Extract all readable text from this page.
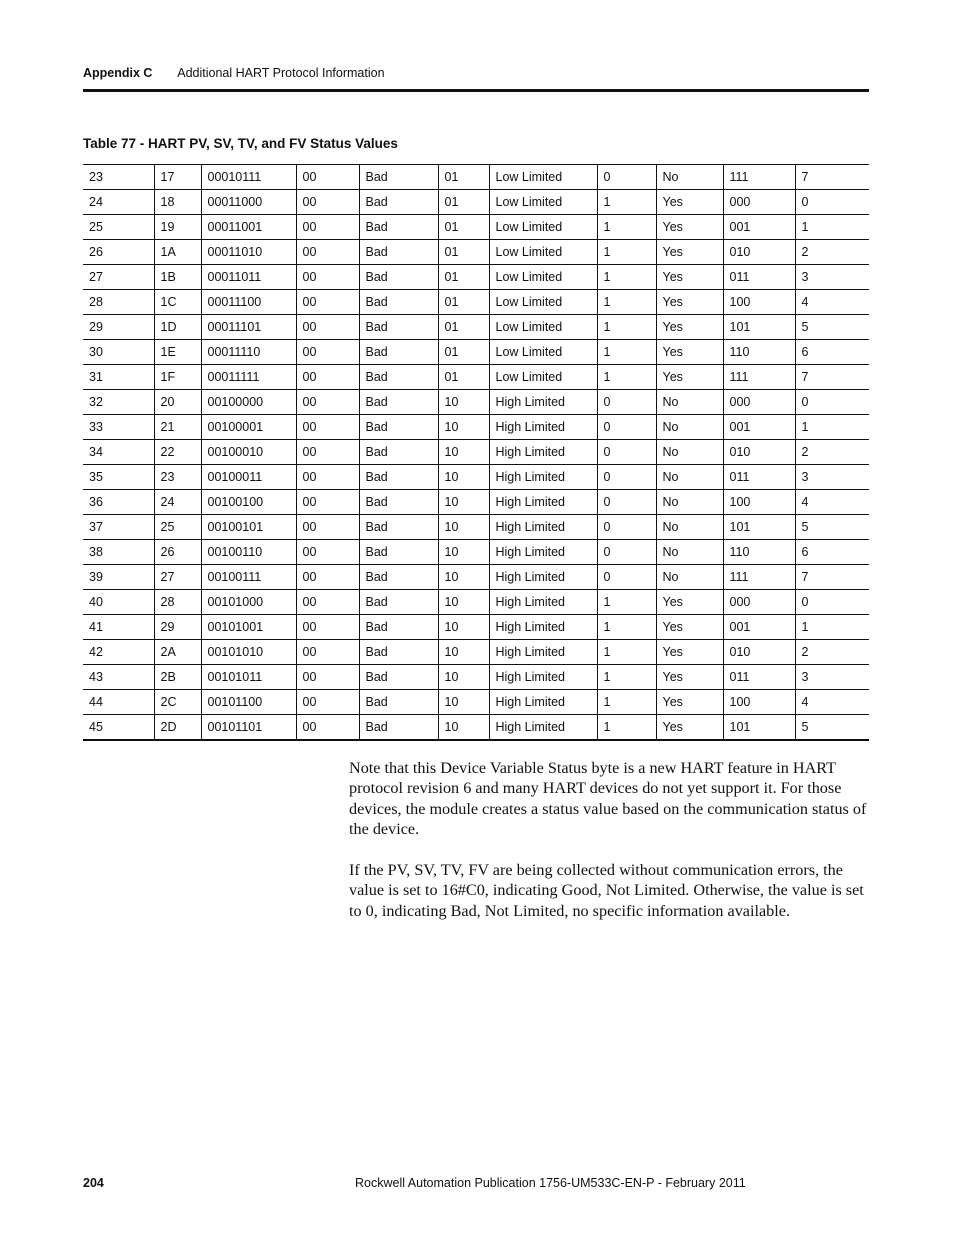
Appendix C Additional HART Protocol Information
Table 77 - HART PV, SV, TV, and FV Status Values
23	17	00010111	00	Bad	01	Low Limited	0	No	111	7
24	18	00011000	00	Bad	01	Low Limited	1	Yes	000	0
25	19	00011001	00	Bad	01	Low Limited	1	Yes	001	1
26	1A	00011010	00	Bad	01	Low Limited	1	Yes	010	2
27	1B	00011011	00	Bad	01	Low Limited	1	Yes	011	3
28	1C	00011100	00	Bad	01	Low Limited	1	Yes	100	4
29	1D	00011101	00	Bad	01	Low Limited	1	Yes	101	5
30	1E	00011110	00	Bad	01	Low Limited	1	Yes	110	6
31	1F	00011111	00	Bad	01	Low Limited	1	Yes	111	7
32	20	00100000	00	Bad	10	High Limited	0	No	000	0
33	21	00100001	00	Bad	10	High Limited	0	No	001	1
34	22	00100010	00	Bad	10	High Limited	0	No	010	2
35	23	00100011	00	Bad	10	High Limited	0	No	011	3
36	24	00100100	00	Bad	10	High Limited	0	No	100	4
37	25	00100101	00	Bad	10	High Limited	0	No	101	5
38	26	00100110	00	Bad	10	High Limited	0	No	110	6
39	27	00100111	00	Bad	10	High Limited	0	No	111	7
40	28	00101000	00	Bad	10	High Limited	1	Yes	000	0
41	29	00101001	00	Bad	10	High Limited	1	Yes	001	1
42	2A	00101010	00	Bad	10	High Limited	1	Yes	010	2
43	2B	00101011	00	Bad	10	High Limited	1	Yes	011	3
44	2C	00101100	00	Bad	10	High Limited	1	Yes	100	4
45	2D	00101101	00	Bad	10	High Limited	1	Yes	101	5
Note that this Device Variable Status byte is a new HART feature in HART protocol revision 6 and many HART devices do not yet support it. For those devices, the module creates a status value based on the communication status of the device.
If the PV, SV, TV, FV are being collected without communication errors, the value is set to 16#C0, indicating Good, Not Limited. Otherwise, the value is set to 0, indicating Bad, Not Limited, no specific information available.
204	Rockwell Automation Publication 1756-UM533C-EN-P - February 2011
